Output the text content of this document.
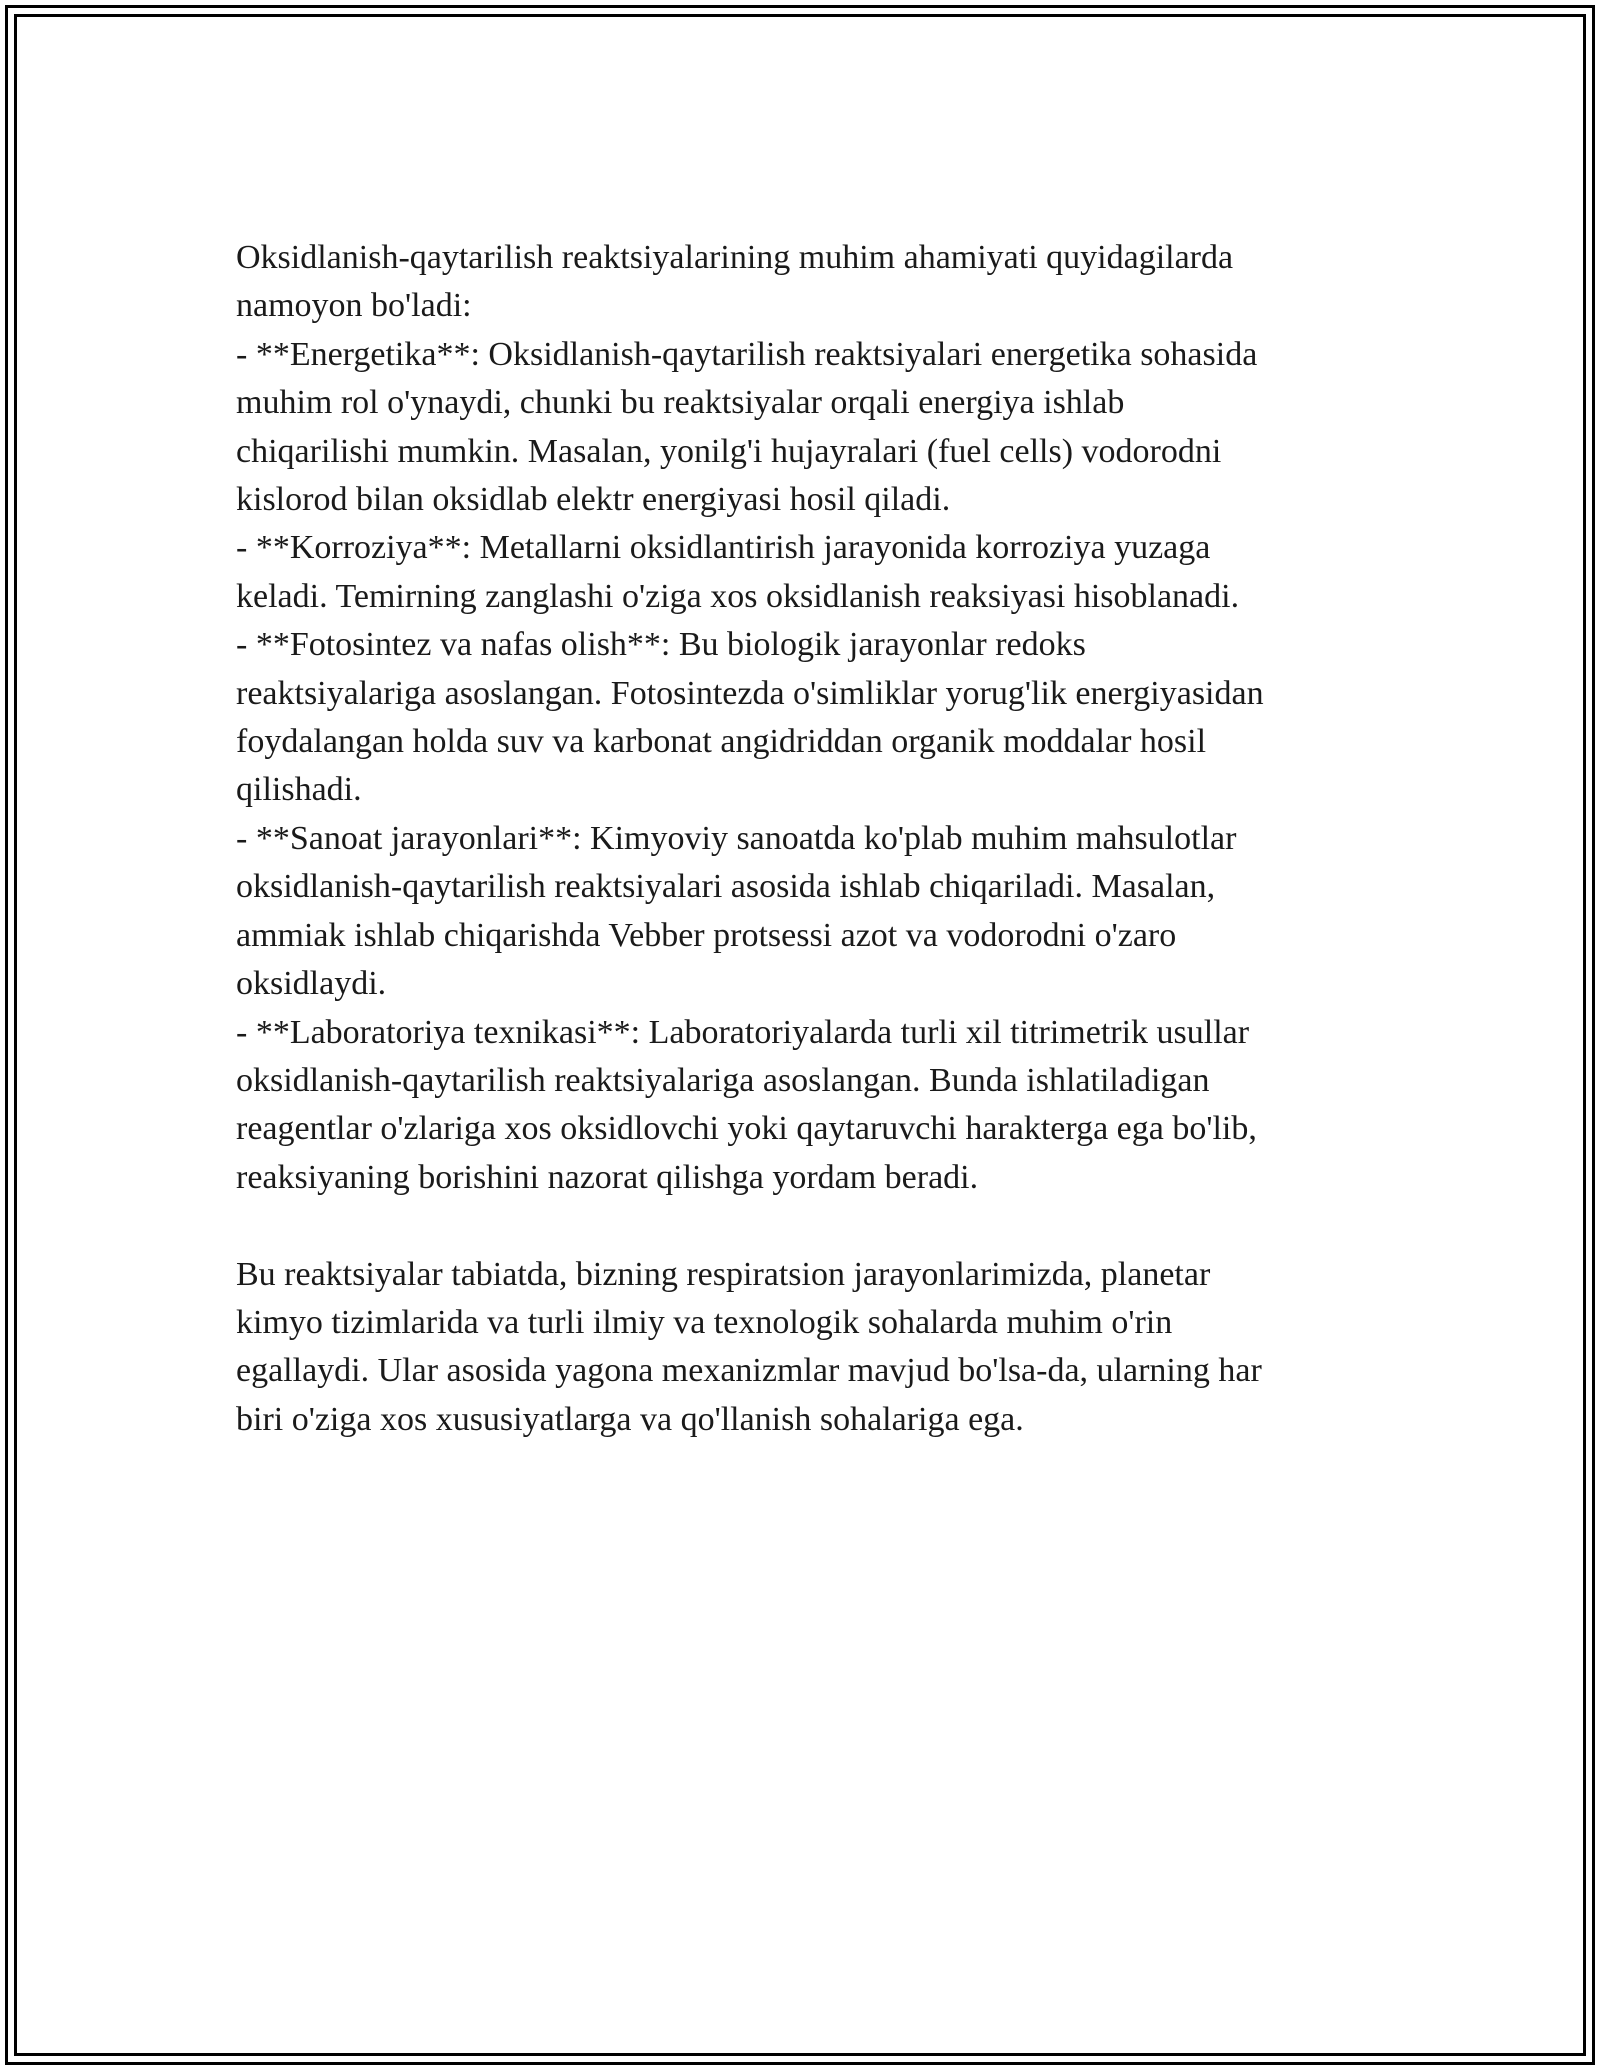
Oksidlanish-qaytarilish reaktsiyalarining muhim ahamiyati quyidagilarda
namoyon bo'ladi:
- **Energetika**: Oksidlanish-qaytarilish reaktsiyalari energetika sohasida
muhim rol o'ynaydi, chunki bu reaktsiyalar orqali energiya ishlab
chiqarilishi mumkin. Masalan, yonilg'i hujayralari (fuel cells) vodorodni
kislorod bilan oksidlab elektr energiyasi hosil qiladi.
- **Korroziya**: Metallarni oksidlantirish jarayonida korroziya yuzaga
keladi. Temirning zanglashi o'ziga xos oksidlanish reaksiyasi hisoblanadi.
- **Fotosintez va nafas olish**: Bu biologik jarayonlar redoks
reaktsiyalariga asoslangan. Fotosintezda o'simliklar yorug'lik energiyasidan
foydalangan holda suv va karbonat angidriddan organik moddalar hosil
qilishadi.
- **Sanoat jarayonlari**: Kimyoviy sanoatda ko'plab muhim mahsulotlar
oksidlanish-qaytarilish reaktsiyalari asosida ishlab chiqariladi. Masalan,
ammiak ishlab chiqarishda Vebber protsessi azot va vodorodni o'zaro
oksidlaydi.
- **Laboratoriya texnikasi**: Laboratoriyalarda turli xil titrimetrik usullar
oksidlanish-qaytarilish reaktsiyalariga asoslangan. Bunda ishlatiladigan
reagentlar o'zlariga xos oksidlovchi yoki qaytaruvchi harakterga ega bo'lib,
reaksiyaning borishini nazorat qilishga yordam beradi.
Bu reaktsiyalar tabiatda, bizning respiratsion jarayonlarimizda, planetar
kimyo tizimlarida va turli ilmiy va texnologik sohalarda muhim o'rin
egallaydi. Ular asosida yagona mexanizmlar mavjud bo'lsa-da, ularning har
biri o'ziga xos xususiyatlarga va qo'llanish sohalariga ega.
